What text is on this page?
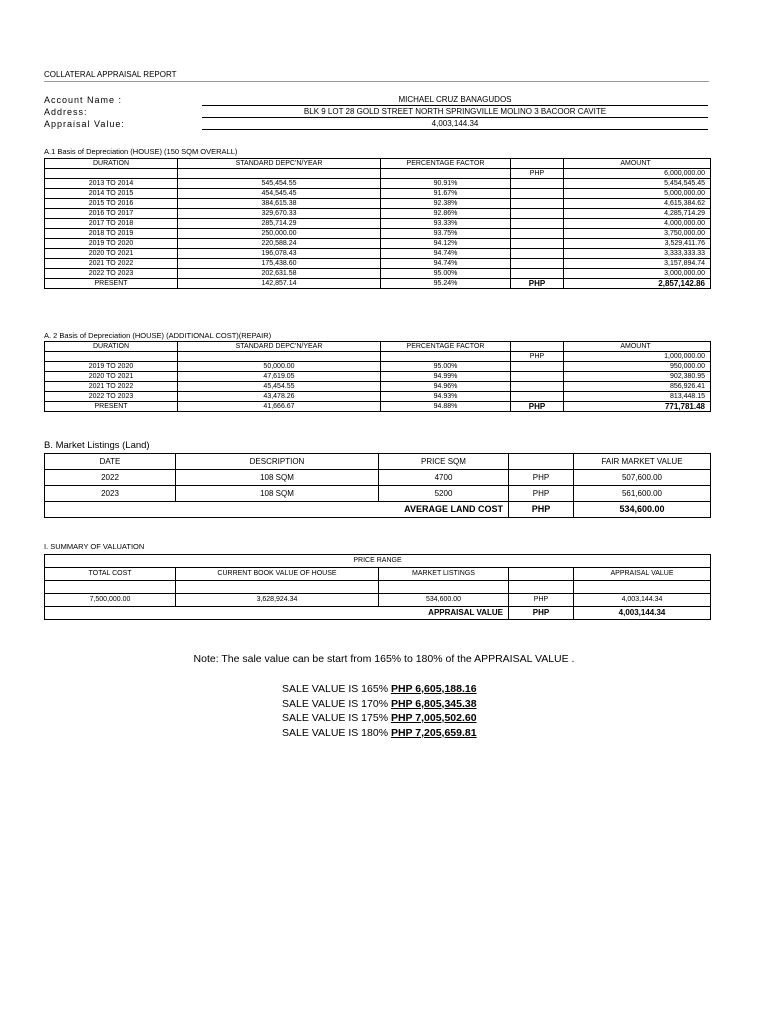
COLLATERAL APPRAISAL REPORT
Account Name :	MICHAEL CRUZ BANAGUDOS
Address:	BLK 9 LOT 28 GOLD STREET NORTH SPRINGVILLE MOLINO 3 BACOOR CAVITE
Appraisal Value:	4,003,144.34
A.1 Basis of Depreciation (HOUSE) (150 SQM OVERALL)
DURATION	STANDARD DEPC'N/YEAR	PERCENTAGE FACTOR		AMOUNT
			PHP	6,000,000.00
2013 TO 2014	545,454.55	90.91%		5,454,545.45
2014 TO 2015	454,545.45	91.67%		5,000,000.00
2015 TO 2016	384,615.38	92.38%		4,615,384.62
2016 TO 2017	329,670.33	92.86%		4,285,714.29
2017 TO 2018	285,714.29	93.33%		4,000,000.00
2018 TO 2019	250,000.00	93.75%		3,750,000.00
2019 TO 2020	220,588.24	94.12%		3,529,411.76
2020 TO 2021	196,078.43	94.74%		3,333,333.33
2021 TO 2022	175,438.60	94.74%		3,157,894.74
2022 TO 2023	202,631.58	95.00%		3,000,000.00
PRESENT	142,857.14	95.24%	PHP	2,857,142.86
A. 2 Basis of Depreciation (HOUSE) (ADDITIONAL COST)(REPAIR)
DURATION	STANDARD DEPC'N/YEAR	PERCENTAGE FACTOR		AMOUNT
			PHP	1,000,000.00
2019 TO 2020	50,000.00	95.00%		950,000.00
2020 TO 2021	47,619.05	94.99%		902,380.95
2021 TO 2022	45,454.55	94.96%		856,926.41
2022 TO 2023	43,478.26	94.93%		813,448.15
PRESENT	41,666.67	94.88%	PHP	771,781.48
B. Market Listings (Land)
DATE	DESCRIPTION	PRICE SQM		FAIR MARKET VALUE
2022	108 SQM	4700	PHP	507,600.00
2023	108 SQM	5200	PHP	561,600.00
AVERAGE LAND COST			PHP	534,600.00
I. SUMMARY OF VALUATION
PRICE RANGE				
TOTAL COST	CURRENT BOOK VALUE OF HOUSE	MARKET LISTINGS		APPRAISAL VALUE

7,500,000.00	3,628,924.34	534,600.00	PHP	4,003,144.34
APPRAISAL VALUE			PHP	4,003,144.34
Note: The sale value can be start from 165% to 180% of the APPRAISAL VALUE .
SALE VALUE IS 165% PHP 6,605,188.16
SALE VALUE IS 170% PHP 6,805,345.38
SALE VALUE IS 175% PHP 7,005,502.60
SALE VALUE IS 180% PHP 7,205,659.81
